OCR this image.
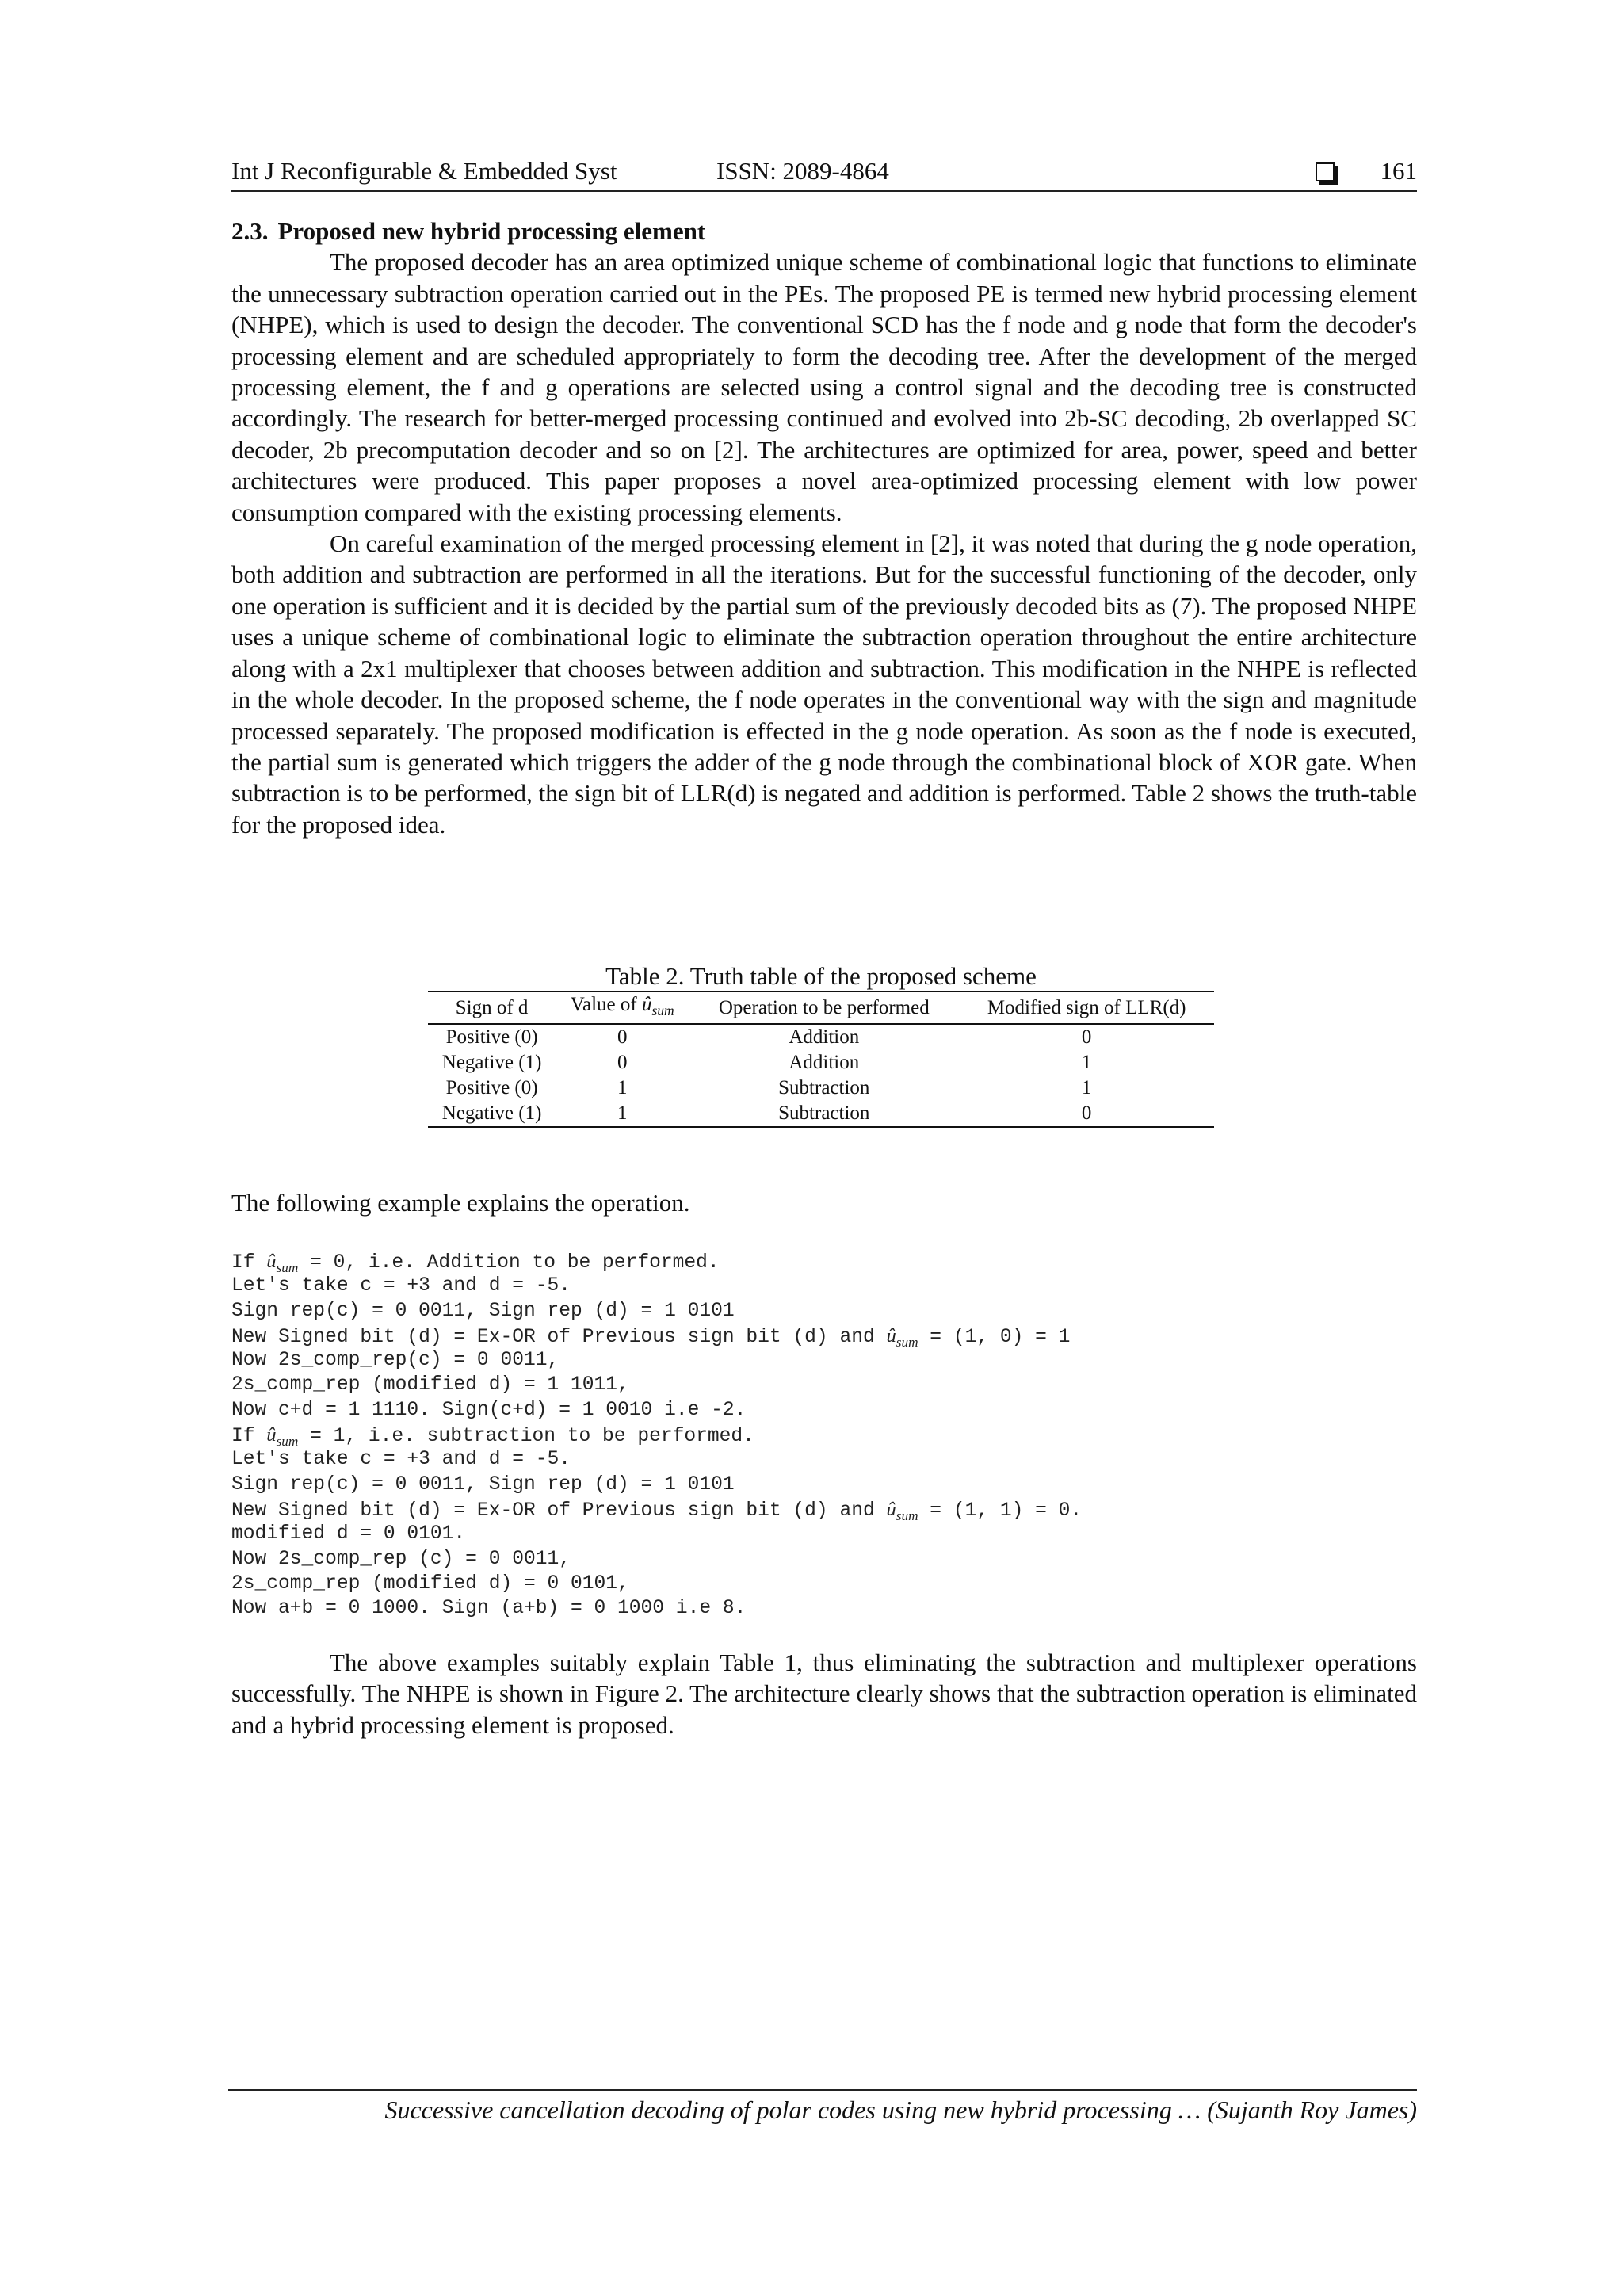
Int J Reconfigurable & Embedded Syst	ISSN: 2089-4864	161

2.3. Proposed new hybrid processing element

The proposed decoder has an area optimized unique scheme of combinational logic that functions to eliminate the unnecessary subtraction operation carried out in the PEs. The proposed PE is termed new hybrid processing element (NHPE), which is used to design the decoder. The conventional SCD has the f node and g node that form the decoder's processing element and are scheduled appropriately to form the decoding tree. After the development of the merged processing element, the f and g operations are selected using a control signal and the decoding tree is constructed accordingly. The research for better-merged processing continued and evolved into 2b-SC decoding, 2b overlapped SC decoder, 2b precomputation decoder and so on [2]. The architectures are optimized for area, power, speed and better architectures were produced. This paper proposes a novel area-optimized processing element with low power consumption compared with the existing processing elements.

On careful examination of the merged processing element in [2], it was noted that during the g node operation, both addition and subtraction are performed in all the iterations. But for the successful functioning of the decoder, only one operation is sufficient and it is decided by the partial sum of the previously decoded bits as (7). The proposed NHPE uses a unique scheme of combinational logic to eliminate the subtraction operation throughout the entire architecture along with a 2x1 multiplexer that chooses between addition and subtraction. This modification in the NHPE is reflected in the whole decoder. In the proposed scheme, the f node operates in the conventional way with the sign and magnitude processed separately. The proposed modification is effected in the g node operation. As soon as the f node is executed, the partial sum is generated which triggers the adder of the g node through the combinational block of XOR gate. When subtraction is to be performed, the sign bit of LLR(d) is negated and addition is performed. Table 2 shows the truth-table for the proposed idea.

Table 2. Truth table of the proposed scheme

Sign of d	Value of $û_{sum}$	Operation to be performed	Modified sign of LLR(d)
Positive (0)	0	Addition	0
Negative (1)	0	Addition	1
Positive (0)	1	Subtraction	1
Negative (1)	1	Subtraction	0

The following example explains the operation.

If $û_{sum} = 0$, i.e. Addition to be performed.
Let's take c = +3 and d = -5.
Sign rep(c) = 0 0011, Sign rep (d) = 1 0101
New Signed bit (d) = Ex-OR of Previous sign bit (d) and $û_{sum} = (1$, 0) = 1
Now 2s_comp_rep(c) = 0 0011,
2s_comp_rep (modified d) = 1 1011,
Now c+d = 1 1110. Sign(c+d) = 1 0010 i.e -2.
If $û_{sum} = 1$, i.e. subtraction to be performed.
Let's take c = +3 and d = -5.
Sign rep(c) = 0 0011, Sign rep (d) = 1 0101
New Signed bit (d) = Ex-OR of Previous sign bit (d) and $û_{sum} = (1$, 1) = 0.
modified d = 0 0101.
Now 2s_comp_rep (c) = 0 0011,
2s_comp_rep (modified d) = 0 0101,
Now a+b = 0 1000. Sign (a+b) = 0 1000 i.e 8.

The above examples suitably explain Table 1, thus eliminating the subtraction and multiplexer operations successfully. The NHPE is shown in Figure 2. The architecture clearly shows that the subtraction operation is eliminated and a hybrid processing element is proposed.

Successive cancellation decoding of polar codes using new hybrid processing … (Sujanth Roy James)
